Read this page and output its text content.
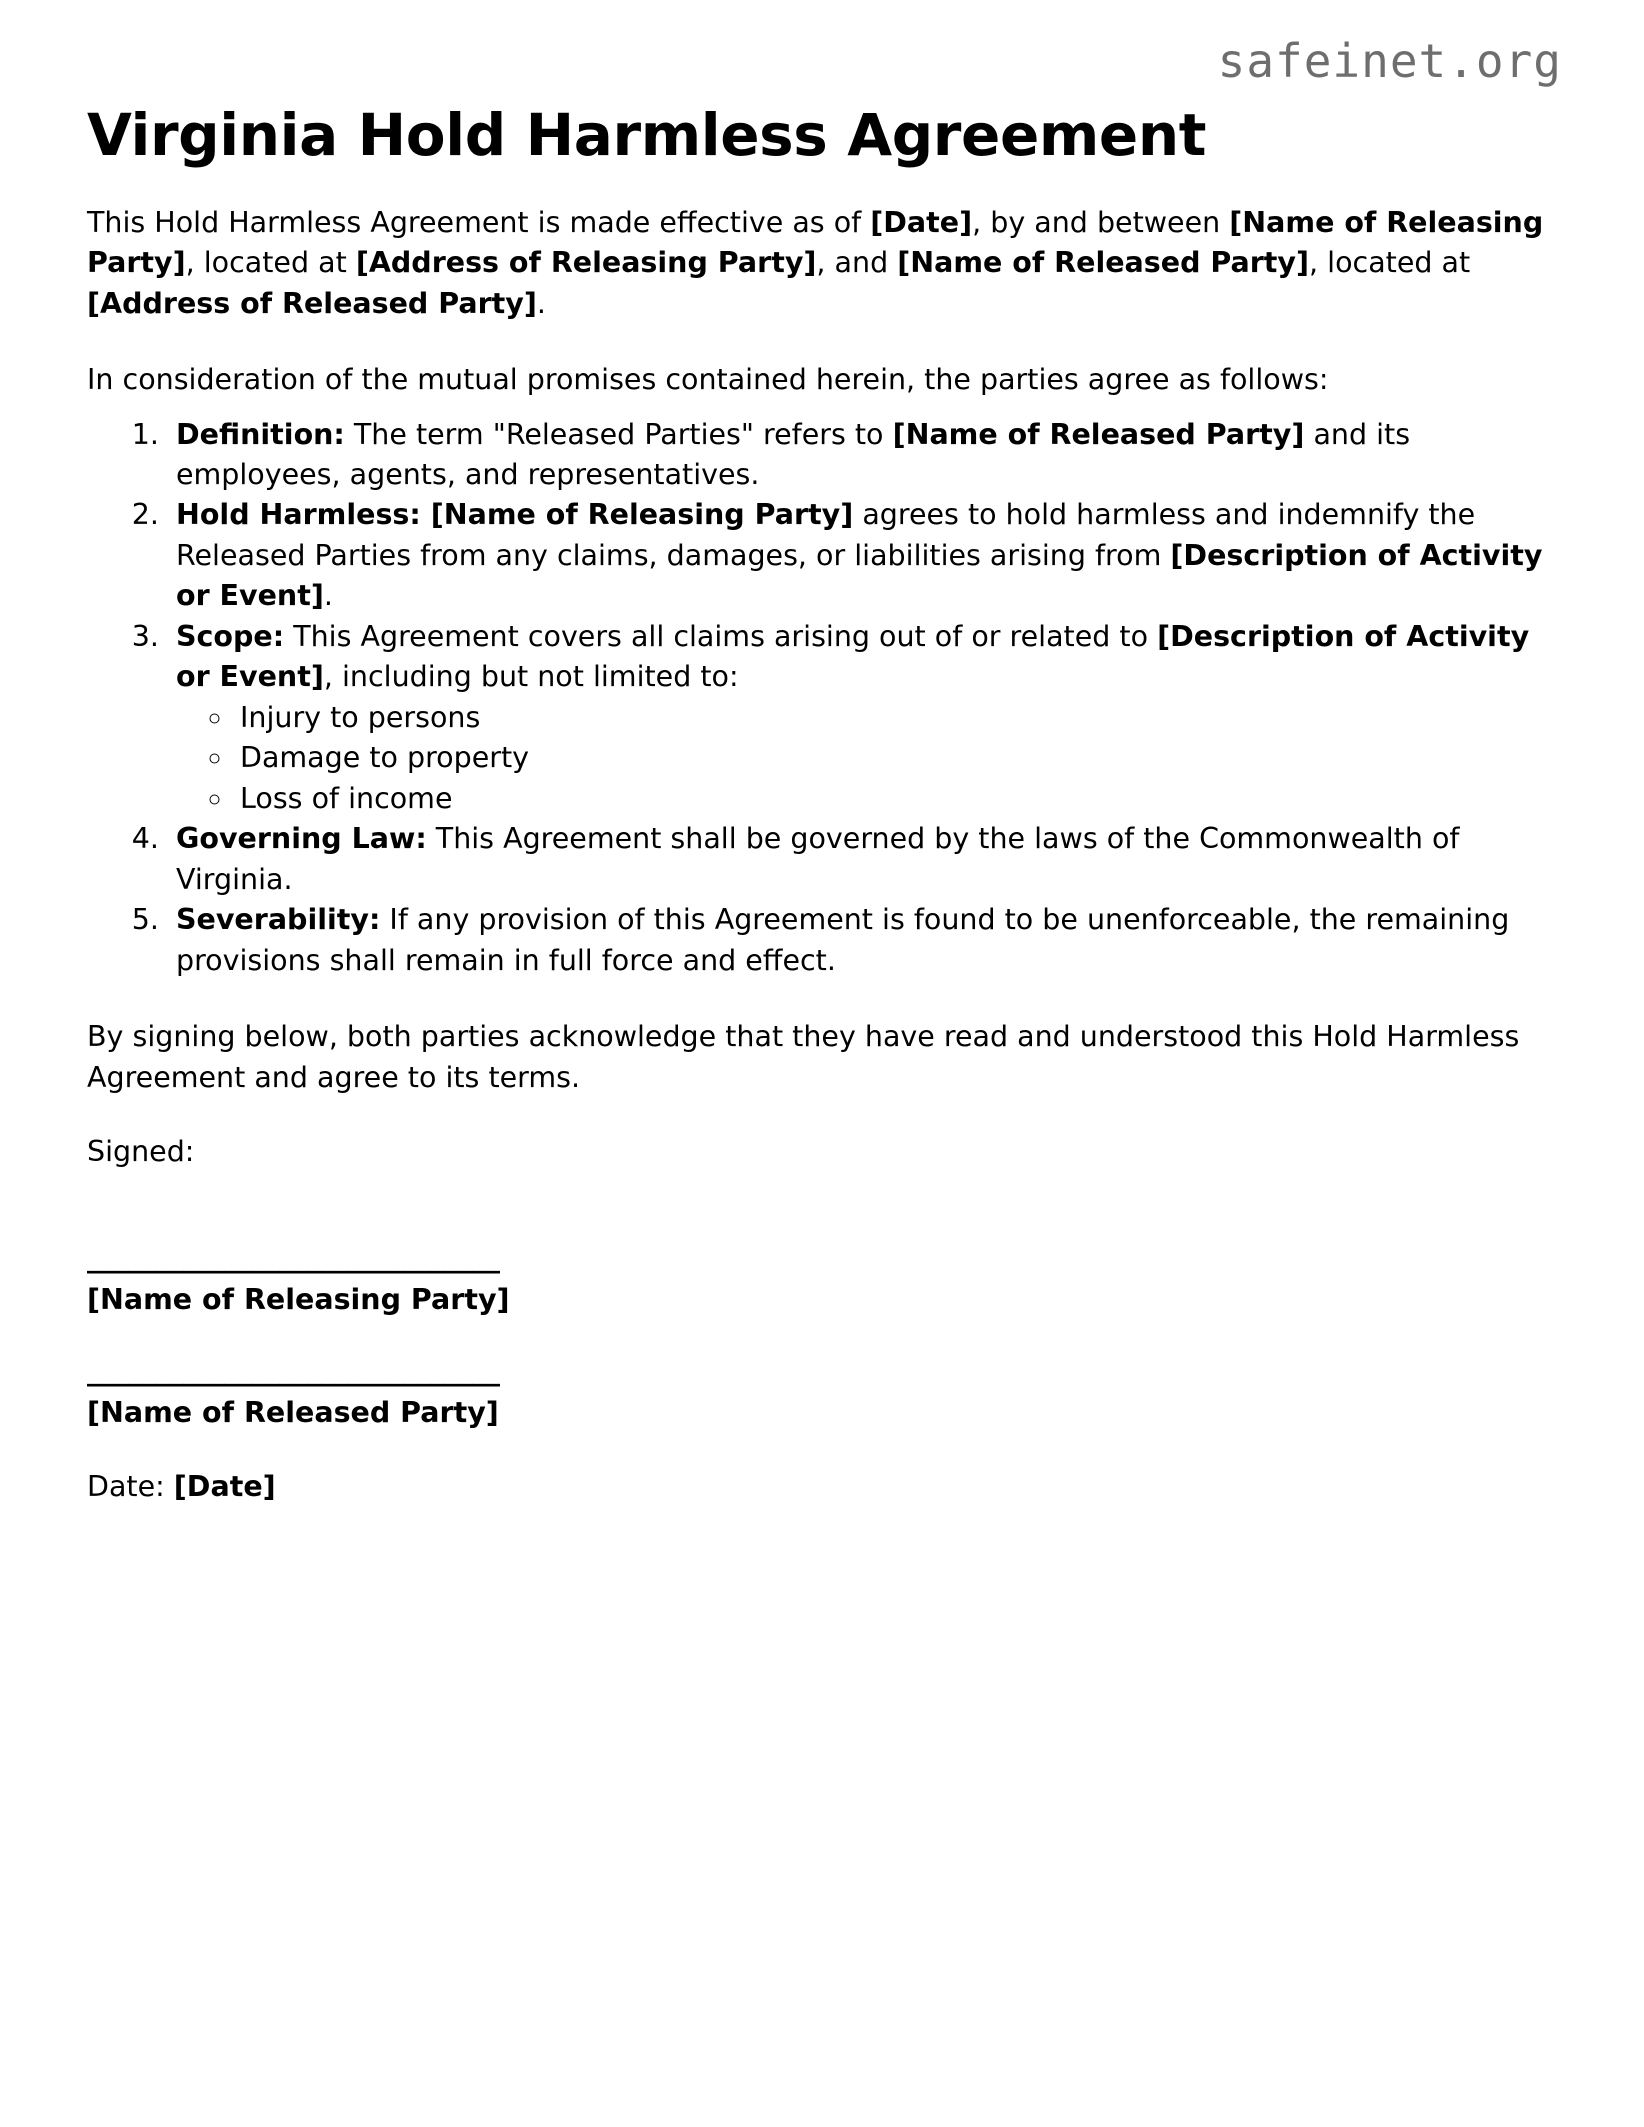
safeinet.org
Virginia Hold Harmless Agreement

This Hold Harmless Agreement is made effective as of [Date], by and between [Name of Releasing Party], located at [Address of Releasing Party], and [Name of Released Party], located at [Address of Released Party].

In consideration of the mutual promises contained herein, the parties agree as follows:

1. Definition: The term "Released Parties" refers to [Name of Released Party] and its employees, agents, and representatives.
2. Hold Harmless: [Name of Releasing Party] agrees to hold harmless and indemnify the Released Parties from any claims, damages, or liabilities arising from [Description of Activity or Event].
3. Scope: This Agreement covers all claims arising out of or related to [Description of Activity or Event], including but not limited to:
◦ Injury to persons
◦ Damage to property
◦ Loss of income
4. Governing Law: This Agreement shall be governed by the laws of the Commonwealth of Virginia.
5. Severability: If any provision of this Agreement is found to be unenforceable, the remaining provisions shall remain in full force and effect.

By signing below, both parties acknowledge that they have read and understood this Hold Harmless Agreement and agree to its terms.

Signed:

______________________________

[Name of Releasing Party]

______________________________

[Name of Released Party]

Date: [Date]
